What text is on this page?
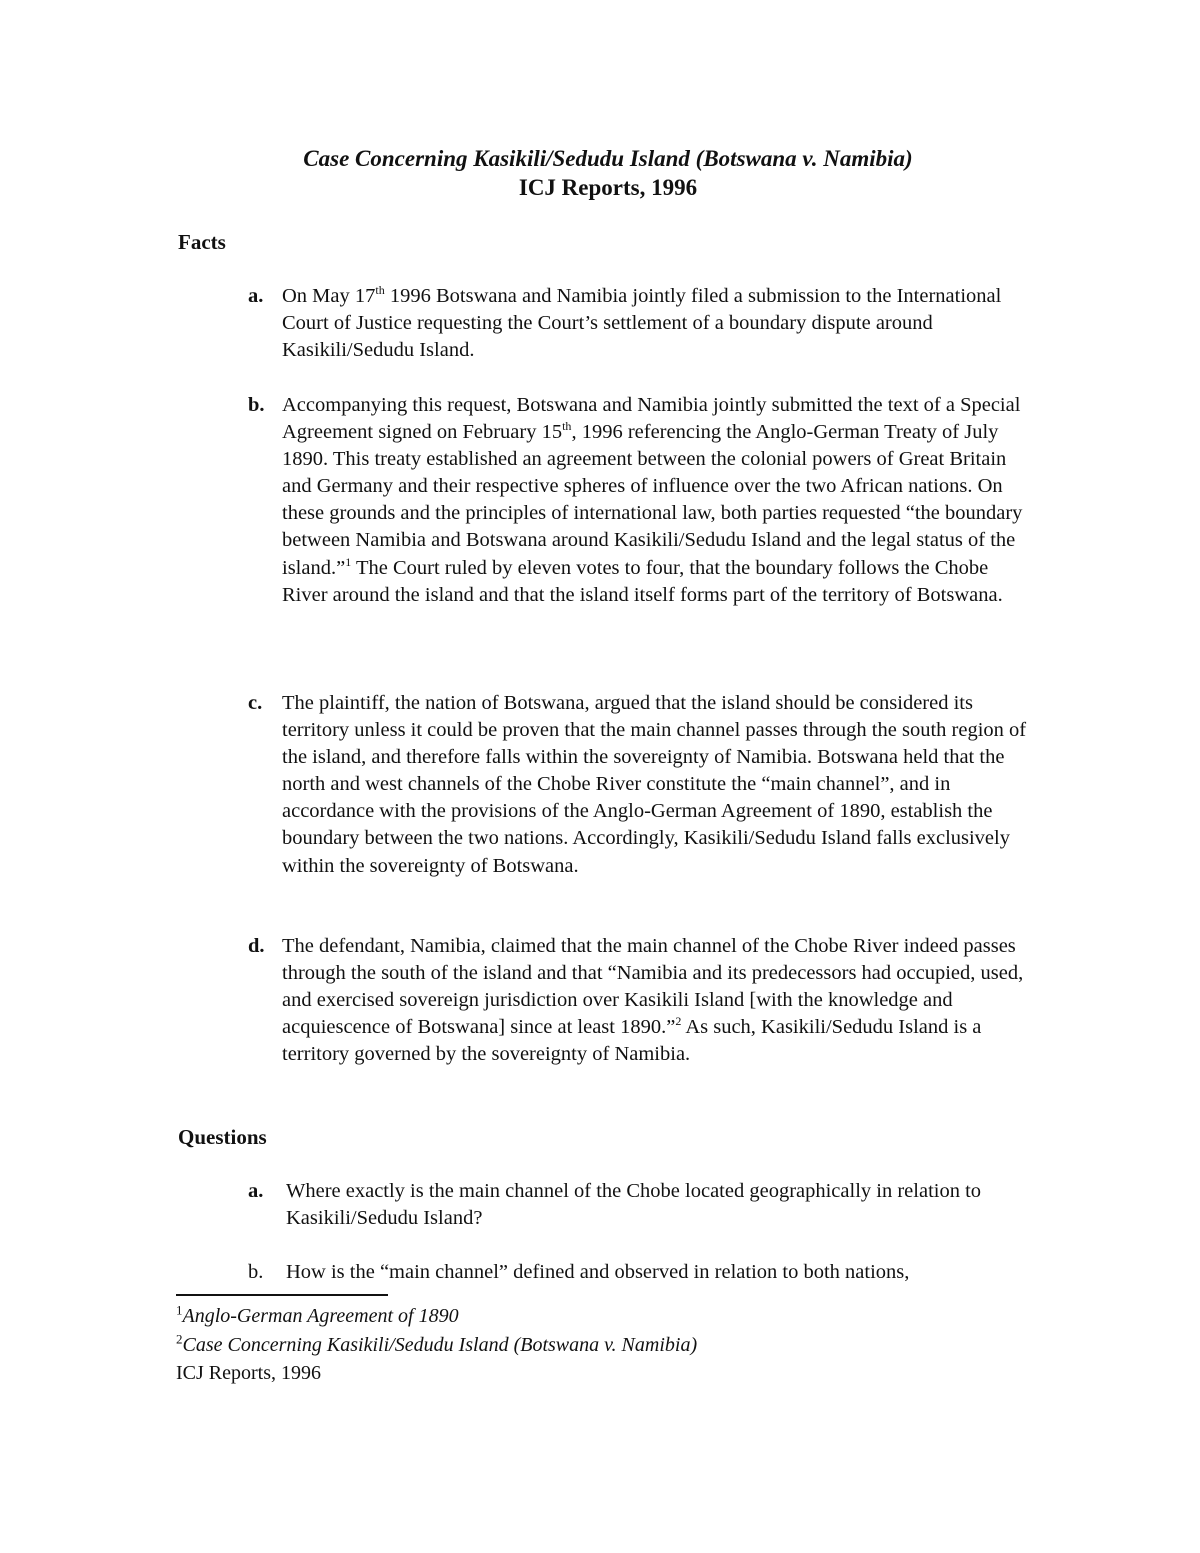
Case Concerning Kasikili/Sedudu Island (Botswana v. Namibia)
ICJ Reports, 1996
Facts
a. On May 17th 1996 Botswana and Namibia jointly filed a submission to the International Court of Justice requesting the Court’s settlement of a boundary dispute around Kasikili/Sedudu Island.
b. Accompanying this request, Botswana and Namibia jointly submitted the text of a Special Agreement signed on February 15th, 1996 referencing the Anglo-German Treaty of July 1890. This treaty established an agreement between the colonial powers of Great Britain and Germany and their respective spheres of influence over the two African nations. On these grounds and the principles of international law, both parties requested “the boundary between Namibia and Botswana around Kasikili/Sedudu Island and the legal status of the island.”$^1$ The Court ruled by eleven votes to four, that the boundary follows the Chobe River around the island and that the island itself forms part of the territory of Botswana.
c. The plaintiff, the nation of Botswana, argued that the island should be considered its territory unless it could be proven that the main channel passes through the south region of the island, and therefore falls within the sovereignty of Namibia. Botswana held that the north and west channels of the Chobe River constitute the “main channel”, and in accordance with the provisions of the Anglo-German Agreement of 1890, establish the boundary between the two nations. Accordingly, Kasikili/Sedudu Island falls exclusively within the sovereignty of Botswana.
d. The defendant, Namibia, claimed that the main channel of the Chobe River indeed passes through the south of the island and that “Namibia and its predecessors had occupied, used, and exercised sovereign jurisdiction over Kasikili Island [with the knowledge and acquiescence of Botswana] since at least 1890.”$^2$ As such, Kasikili/Sedudu Island is a territory governed by the sovereignty of Namibia.
Questions
a.	Where exactly is the main channel of the Chobe located geographically in relation to Kasikili/Sedudu Island?
b.	How is the “main channel” defined and observed in relation to both nations,
$^1$Anglo-German Agreement of 1890
$^2$Case Concerning Kasikili/Sedudu Island (Botswana v. Namibia)
ICJ Reports, 1996
